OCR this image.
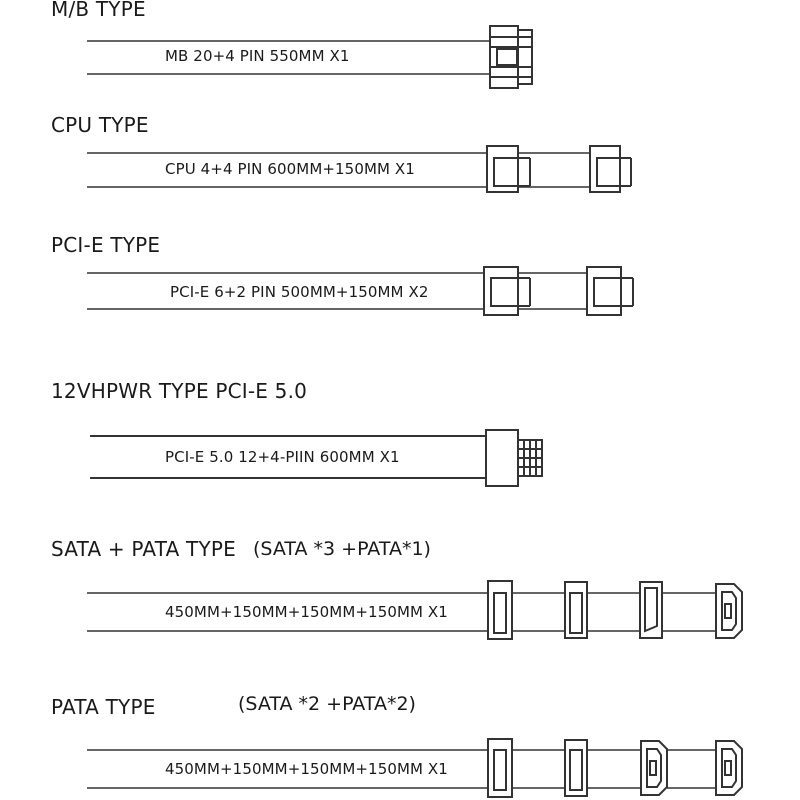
M/B TYPE
MB 20+4 PIN 550MM X1
CPU TYPE
CPU 4+4 PIN 600MM+150MM X1
PCI-E TYPE
PCI-E 6+2 PIN 500MM+150MM X2
12VHPWR TYPE PCI-E 5.0
PCI-E 5.0 12+4-PIIN 600MM X1
SATA + PATA TYPE (SATA *3 +PATA*1)
450MM+150MM+150MM+150MM X1
PATA TYPE	(SATA *2 +PATA*2)
450MM+150MM+150MM+150MM X1
